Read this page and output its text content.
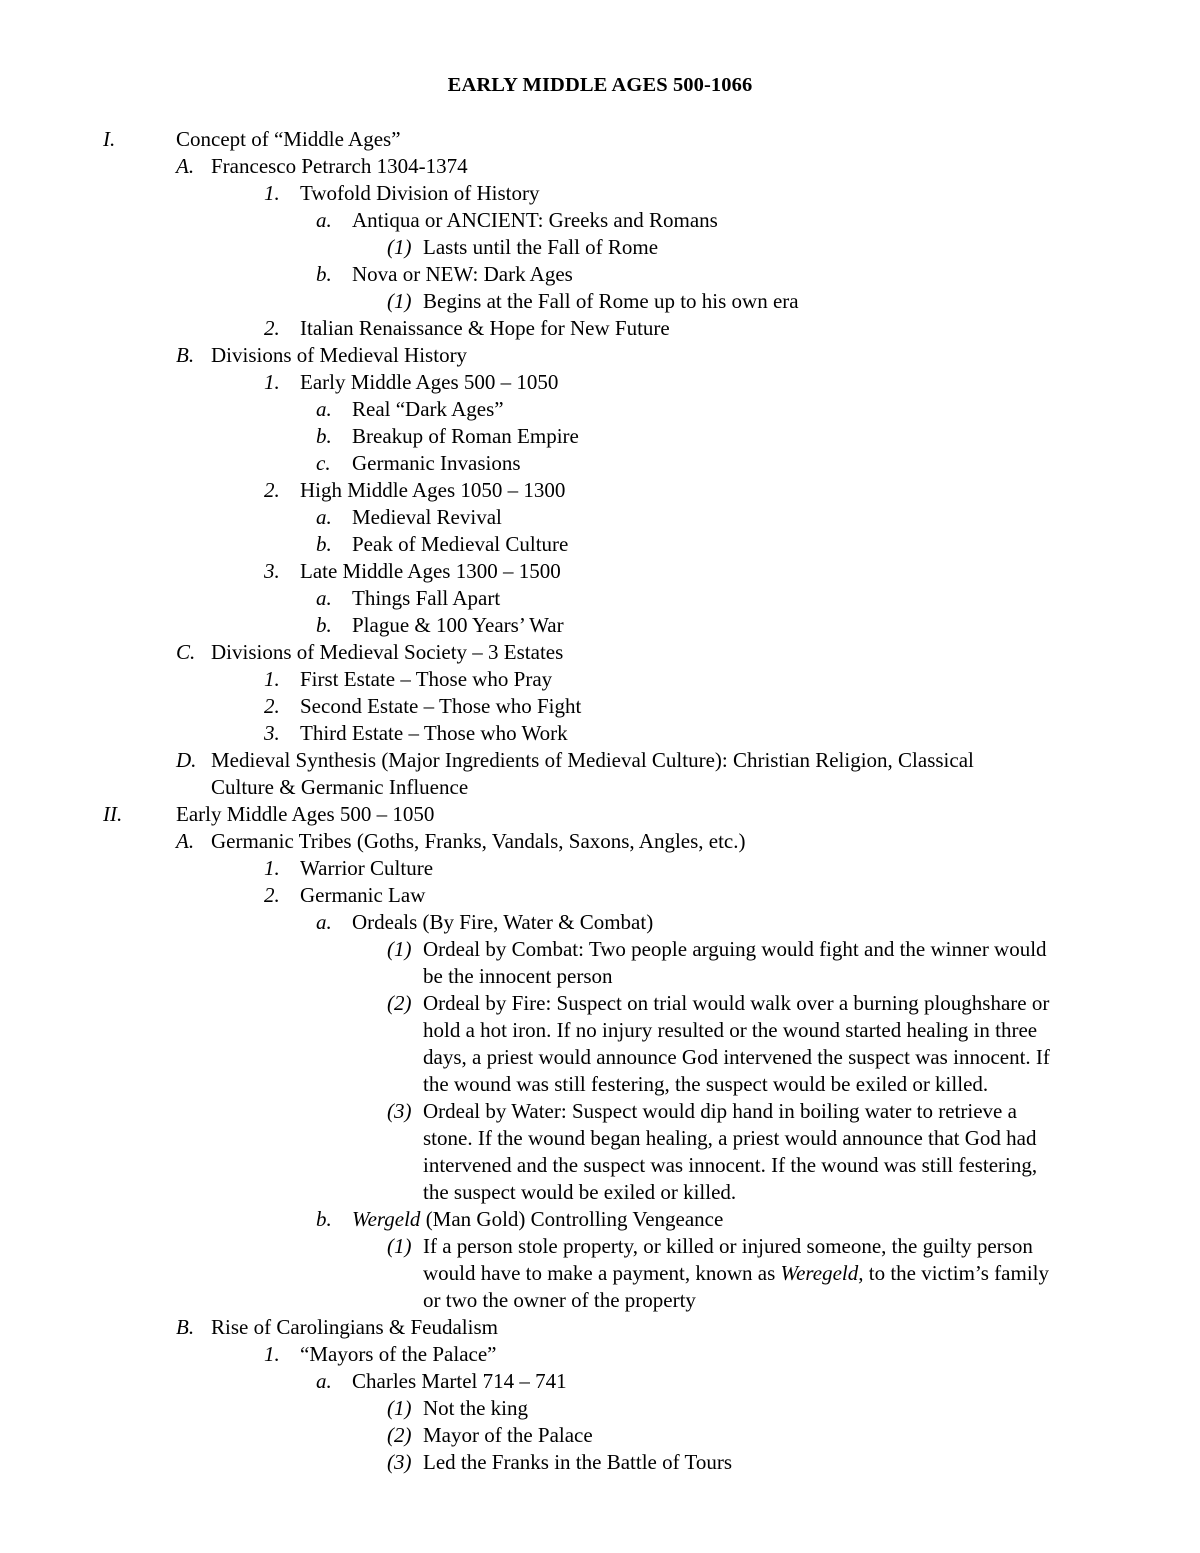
EARLY MIDDLE AGES 500-1066
I.	Concept of “Middle Ages”
A. Francesco Petrarch 1304-1374
1. Twofold Division of History
a. Antiqua or ANCIENT: Greeks and Romans
(1) Lasts until the Fall of Rome
b. Nova or NEW: Dark Ages
(1) Begins at the Fall of Rome up to his own era
2. Italian Renaissance & Hope for New Future
B. Divisions of Medieval History
1. Early Middle Ages 500 – 1050
a. Real “Dark Ages”
b. Breakup of Roman Empire
c. Germanic Invasions
2. High Middle Ages 1050 – 1300
a. Medieval Revival
b. Peak of Medieval Culture
3. Late Middle Ages 1300 – 1500
a. Things Fall Apart
b. Plague & 100 Years’ War
C. Divisions of Medieval Society – 3 Estates
1. First Estate – Those who Pray
2. Second Estate – Those who Fight
3. Third Estate – Those who Work
D. Medieval Synthesis (Major Ingredients of Medieval Culture): Christian Religion, Classical
Culture & Germanic Influence
II.	Early Middle Ages 500 – 1050
A. Germanic Tribes (Goths, Franks, Vandals, Saxons, Angles, etc.)
1. Warrior Culture
2. Germanic Law
a. Ordeals (By Fire, Water & Combat)
(1) Ordeal by Combat: Two people arguing would fight and the winner would
be the innocent person
(2) Ordeal by Fire: Suspect on trial would walk over a burning ploughshare or
hold a hot iron. If no injury resulted or the wound started healing in three
days, a priest would announce God intervened the suspect was innocent. If
the wound was still festering, the suspect would be exiled or killed.
(3) Ordeal by Water: Suspect would dip hand in boiling water to retrieve a
stone. If the wound began healing, a priest would announce that God had
intervened and the suspect was innocent. If the wound was still festering,
the suspect would be exiled or killed.
b. Wergeld (Man Gold) Controlling Vengeance
(1) If a person stole property, or killed or injured someone, the guilty person
would have to make a payment, known as Weregeld, to the victim’s family
or two the owner of the property
B. Rise of Carolingians & Feudalism
1. “Mayors of the Palace”
a. Charles Martel 714 – 741
(1) Not the king
(2) Mayor of the Palace
(3) Led the Franks in the Battle of Tours
